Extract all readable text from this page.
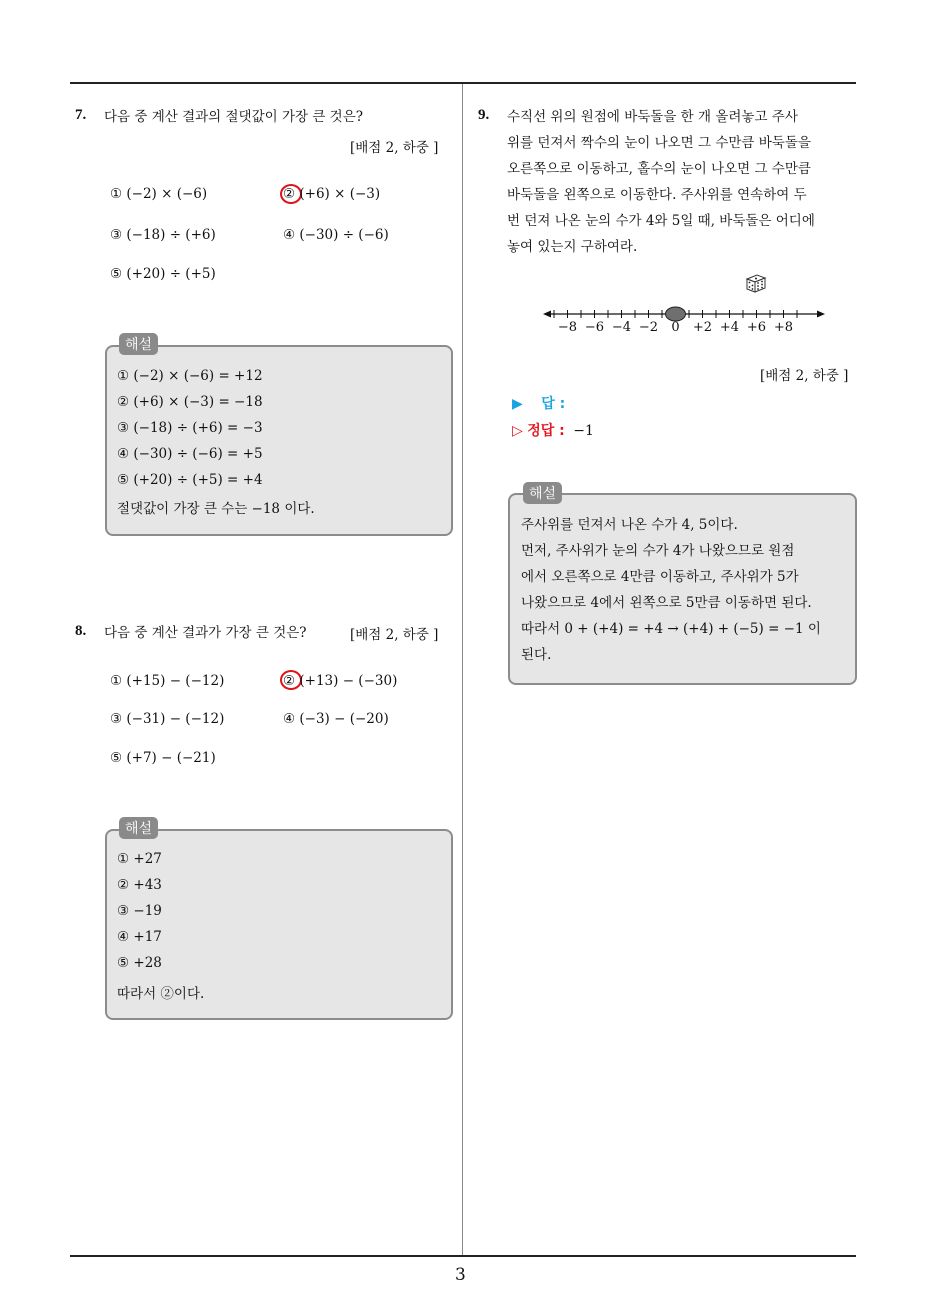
3
7. 다음 중 계산 결과의 절댓값이 가장 큰 것은?
[배점 2, 하중 ]
① (−2) × (−6)	② (+6) × (−3)
③ (−18) ÷ (+6)	④ (−30) ÷ (−6)
⑤ (+20) ÷ (+5)
해설
① (−2) × (−6) = +12
② (+6) × (−3) = −18
③ (−18) ÷ (+6) = −3
④ (−30) ÷ (−6) = +5
⑤ (+20) ÷ (+5) = +4
절댓값이 가장 큰 수는 −18 이다.
8. 다음 중 계산 결과가 가장 큰 것은?	[배점 2, 하중 ]
① (+15) − (−12)	② (+13) − (−30)
③ (−31) − (−12)	④ (−3) − (−20)
⑤ (+7) − (−21)
해설
① +27
② +43
③ −19
④ +17
⑤ +28
따라서 ②이다.
9. 수직선 위의 원점에 바둑돌을 한 개 올려놓고 주사
위를 던져서 짝수의 눈이 나오면 그 수만큼 바둑돌을
오른쪽으로 이동하고, 홀수의 눈이 나오면 그 수만큼
바둑돌을 왼쪽으로 이동한다. 주사위를 연속하여 두
번 던져 나온 눈의 수가 4와 5일 때, 바둑돌은 어디에
놓여 있는지 구하여라.
−8 −6 −4 −2	0	+2 +4 +6 +8
[배점 2, 하중 ]
▶ 답 :
▷ 정답 : −1
해설
주사위를 던져서 나온 수가 4, 5이다.
먼저, 주사위가 눈의 수가 4가 나왔으므로 원점
에서 오른쪽으로 4만큼 이동하고, 주사위가 5가
나왔으므로 4에서 왼쪽으로 5만큼 이동하면 된다.
따라서 0 + (+4) = +4 → (+4) + (−5) = −1 이
된다.
